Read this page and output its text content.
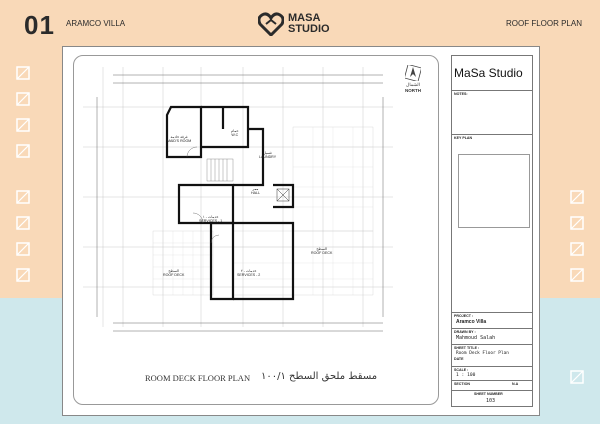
01 ARAMCO VILLA	ROOF FLOOR PLAN
MASA
STUDIO
غرفة خادمة
MAID'S ROOM
حمام
W.C
غسيل
LAUNDRY
ممر
HALL
خدمات - ١
SERVICES - 1
خدمات - ٢
SERVICES - 2
السطح
ROOF DECK
السطح
ROOF DECK
الشمال
NORTH
ROOM DECK FLOOR PLAN مسقط ملحق السطح ١٠٠/١
MaSa Studio
NOTES:
KEY PLAN
PROJECT :
Aramco Villa
DRAWN BY :
Mahmoud Salah
SHEET TITLE :
Room Deck Floor Plan
DATE
SCALE :
1 : 100
SECTION	N.A
SHEET NUMBER
103
